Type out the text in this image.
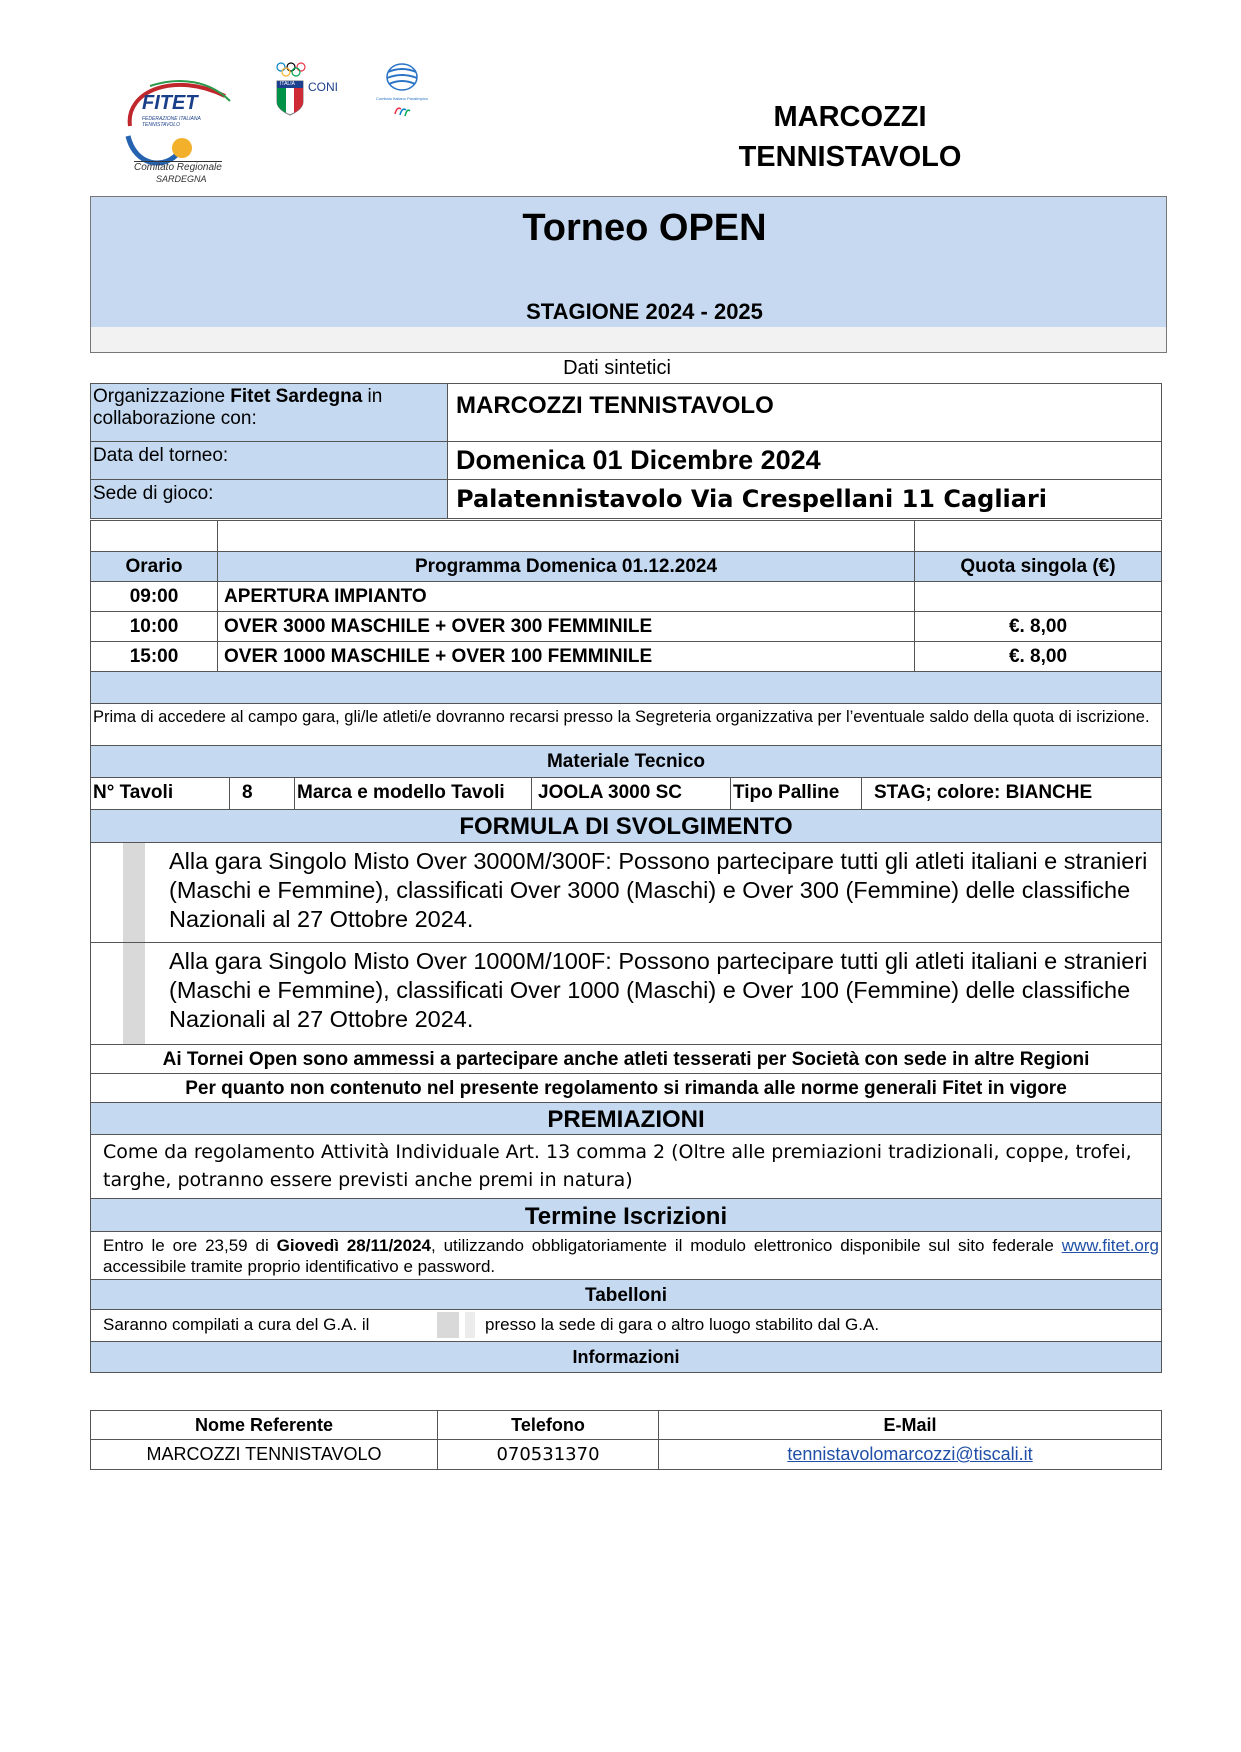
FITET
FEDERAZIONE ITALIANA TENNISTAVOLO
Comitato Regionale
SARDEGNA
ITALIA CONI
Comitato Italiano Paralimpico
MARCOZZI
TENNISTAVOLO
Torneo OPEN
STAGIONE 2024 - 2025
Dati sintetici
Organizzazione Fitet Sardegna in collaborazione con:	MARCOZZI TENNISTAVOLO
Data del torneo:	Domenica 01 Dicembre 2024
Sede di gioco:	Palatennistavolo Via Crespellani 11 Cagliari

Orario	Programma Domenica 01.12.2024	Quota singola (€)
09:00	APERTURA IMPIANTO	
10:00	OVER 3000 MASCHILE + OVER 300 FEMMINILE	€. 8,00
15:00	OVER 1000 MASCHILE + OVER 100 FEMMINILE	€. 8,00
Prima di accedere al campo gara, gli/le atleti/e dovranno recarsi presso la Segreteria organizzativa per l’eventuale saldo della quota di iscrizione.
Materiale Tecnico
N° Tavoli	8	Marca e modello Tavoli	JOOLA 3000 SC	Tipo Palline	STAG; colore: BIANCHE
FORMULA DI SVOLGIMENTO
Alla gara Singolo Misto Over 3000M/300F: Possono partecipare tutti gli atleti italiani e stranieri (Maschi e Femmine), classificati Over 3000 (Maschi) e Over 300 (Femmine) delle classifiche Nazionali al 27 Ottobre 2024.
Alla gara Singolo Misto Over 1000M/100F: Possono partecipare tutti gli atleti italiani e stranieri (Maschi e Femmine), classificati Over 1000 (Maschi) e Over 100 (Femmine) delle classifiche Nazionali al 27 Ottobre 2024.
Ai Tornei Open sono ammessi a partecipare anche atleti tesserati per Società con sede in altre Regioni
Per quanto non contenuto nel presente regolamento si rimanda alle norme generali Fitet in vigore
PREMIAZIONI
Come da regolamento Attività Individuale Art. 13 comma 2 (Oltre alle premiazioni tradizionali, coppe, trofei, targhe, potranno essere previsti anche premi in natura)
Termine Iscrizioni
Entro le ore 23,59 di Giovedì 28/11/2024, utilizzando obbligatoriamente il modulo elettronico disponibile sul sito federale www.fitet.org accessibile tramite proprio identificativo e password.
Tabelloni
Saranno compilati a cura del G.A. il	presso la sede di gara o altro luogo stabilito dal G.A.
Informazioni
Nome Referente	Telefono	E-Mail
MARCOZZI TENNISTAVOLO	070531370	tennistavolomarcozzi@tiscali.it
